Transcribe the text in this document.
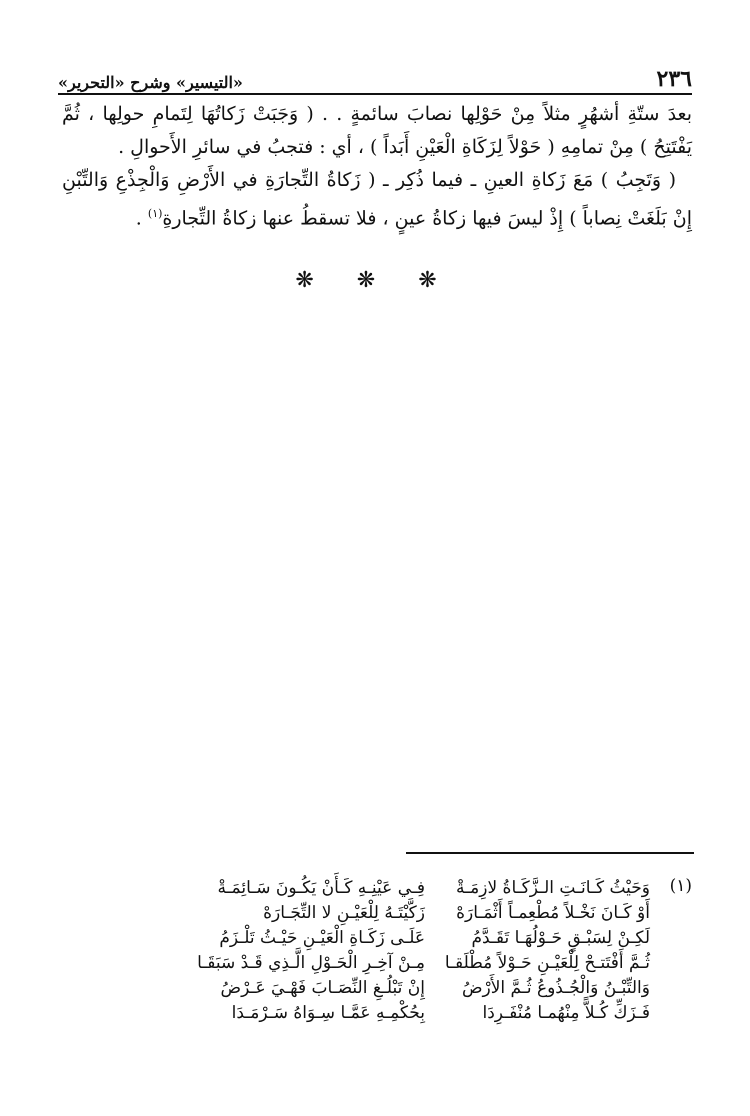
٢٣٦
«التيسير» وشرح «التحرير»

بعدَ ستّةِ أشهُرٍ مثلاً مِنْ حَوْلِها نصابَ سائمةٍ . . ( وَجَبَتْ زَكاتُهَا لِتَمامِ حولِها ، ثُمَّ يَفْتَتِحُ ) مِنْ تمامِهِ ( حَوْلاً لِزَكَاةِ الْعَيْنِ أَبَداً ) ، أي : فتجبُ في سائرِ الأَحوالِ .

( وَتَجِبُ ) مَعَ زَكاةِ العينِ ـ فيما ذُكِر ـ ( زَكاةُ التِّجارَةِ في الأَرْضِ وَالْجِذْعِ وَالتِّبْنِ إِنْ بَلَغَتْ نِصاباً ) إِذْ ليسَ فيها زكاةُ عينٍ ، فلا تسقطُ عنها زكاةُ التِّجارةِ$^{(١)}$ .

❋ ❋ ❋
(١)
وَحَيْثُ كَـانَـتِ الـزَّكَـاةُ لازِمَـةْ
أَوْ كَـانَ نَخْـلاً مُطْعِمـاً أَثْمَـارَهْ
لَكِـنْ لِسَبْـقٍ حَـوْلُهَـا تَقَـدَّمُ
ثُـمَّ أَفْتَتـحْ لِلْعَيْـنِ حَـوْلاً مُطْلَقـا
وَالتِّبْـنُ وَالْجُـذُوعُ ثُـمَّ الأَرْضُ
فَـزَكِّ كُـلاًّ مِنْهُمـا مُنْفَـرِدَا
فِـي عَيْنِـهِ كَـأَنْ يَكُـونَ سَـائِمَـةْ
زَكَّيْتَـهُ لِلْعَيْـنِ لا التِّجَـارَهْ
عَلَـى زَكَـاةِ الْعَيْـنِ حَيْـثُ تَلْـزَمُ
مِـنْ آخِـرِ الْحَـوْلِ الَّـذِي قَـدْ سَبَقَـا
إِنْ تَبْلُـغِ النِّصَـابَ فَهْـيَ عَـرْضُ
بِحُكْمِـهِ عَمَّـا سِـوَاهُ سَـرْمَـدَا
